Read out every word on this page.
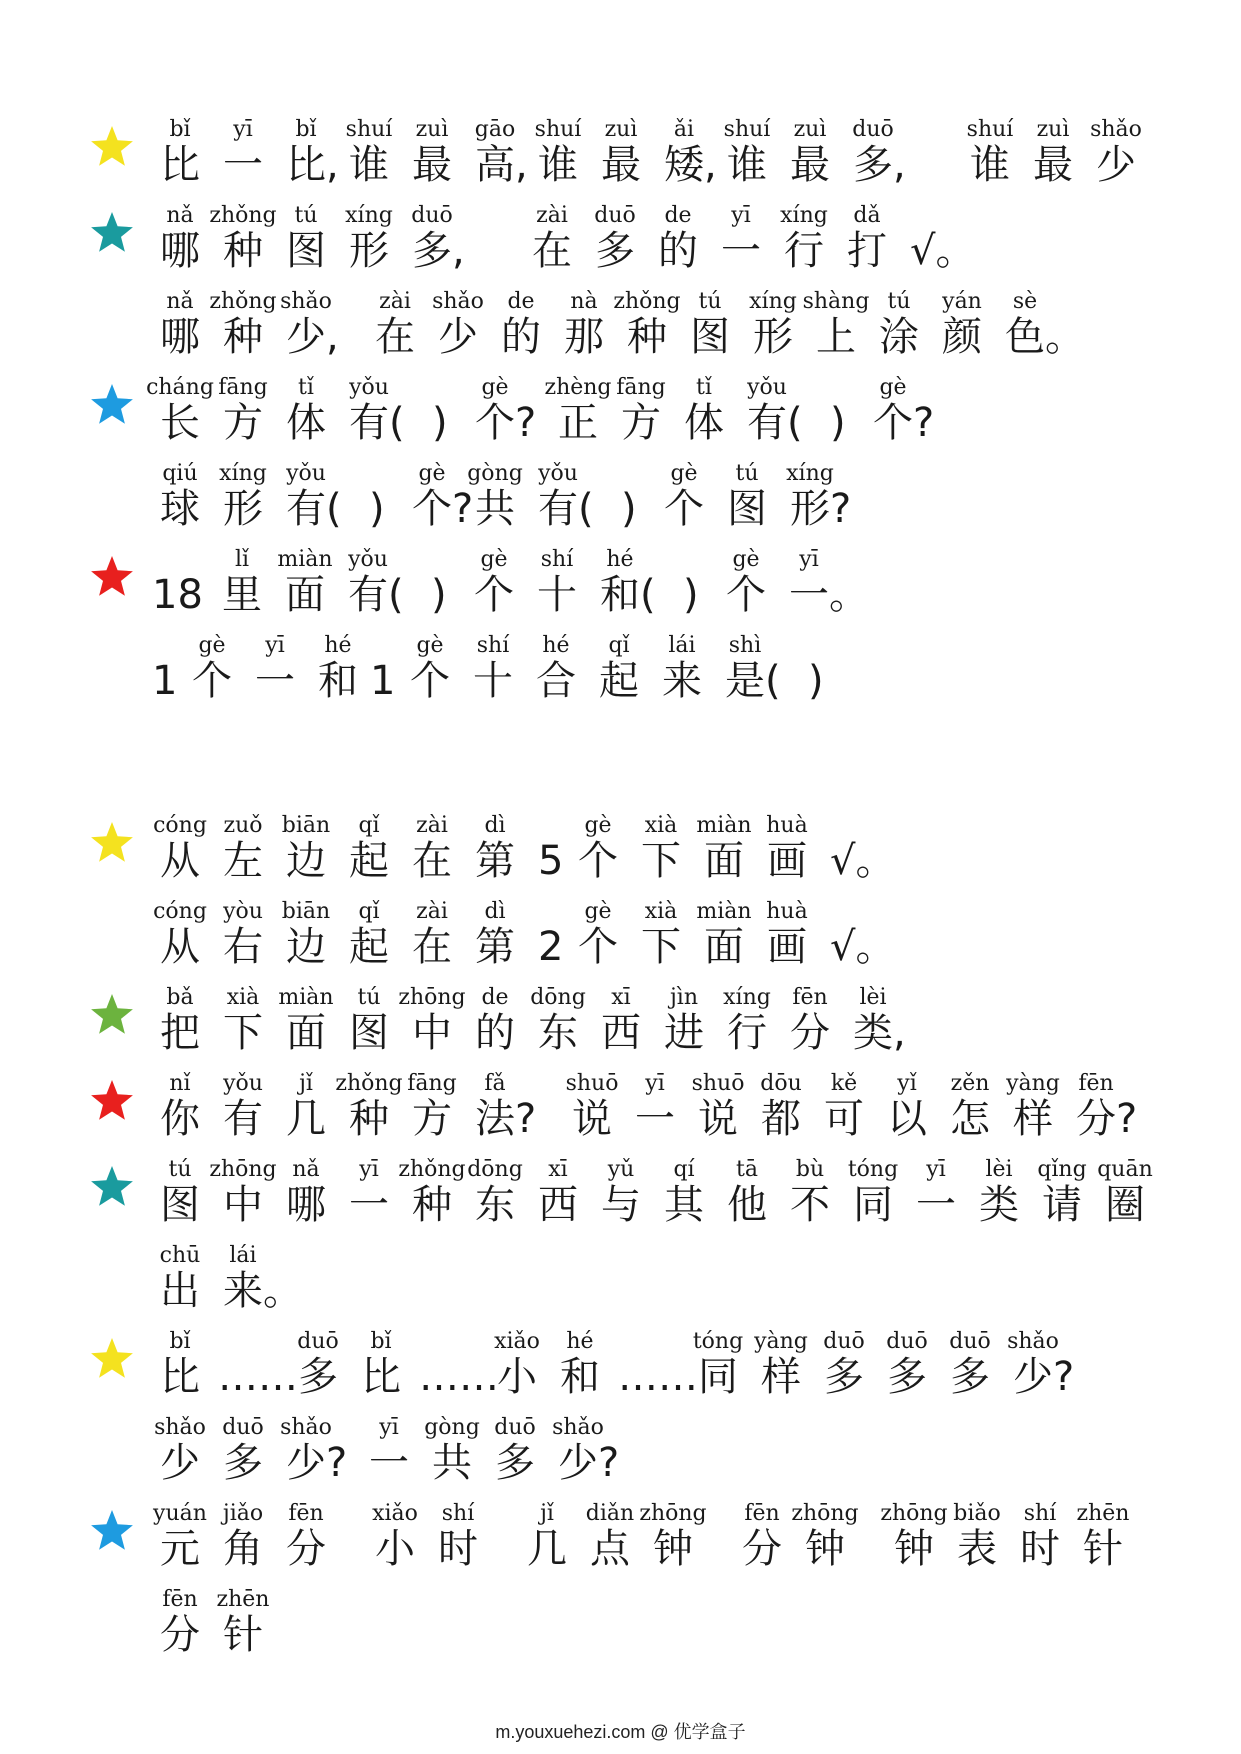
bǐ
比
yī
一
bǐ
比,
shuí
谁
zuì
最
gāo
高,
shuí
谁
zuì
最
ǎi
矮,
shuí
谁
zuì
最
duō
多,
shuí
谁
zuì
最
shǎo
少
nǎ
哪
zhǒng
种
tú
图
xíng
形
duō
多,
zài
在
duō
多
de
的
yī
一
xíng
行
dǎ
打 √。
nǎ
哪
zhǒng
种
shǎo
少,
zài
在
shǎo
少
de
的
nà
那
zhǒng
种
tú
图
xíng
形
shàng
上
tú
涂
yán
颜
sè
色。
cháng
长
fāng
方
tǐ
体
yǒu
有( )
gè
个?
zhèng
正
fāng
方
tǐ
体
yǒu
有( )
gè
个?
qiú
球
xíng
形
yǒu
有( )
gè
个?
gòng
共
yǒu
有( )
gè
个
tú
图
xíng
形?
18
lǐ
里
miàn
面
yǒu
有( )
gè
个
shí
十
hé
和( )
gè
个
yī
一。
1
gè
个
yī
一
hé
和 1
gè
个
shí
十
hé
合
qǐ
起
lái
来
shì
是( )
cóng
从
zuǒ
左
biān
边
qǐ
起
zài
在
dì
第 5
gè
个
xià
下
miàn
面
huà
画 √。
cóng
从
yòu
右
biān
边
qǐ
起
zài
在
dì
第 2
gè
个
xià
下
miàn
面
huà
画 √。
bǎ
把
xià
下
miàn
面
tú
图
zhōng
中
de
的
dōng
东
xī
西
jìn
进
xíng
行
fēn
分
lèi
类,
nǐ
你
yǒu
有
jǐ
几
zhǒng
种
fāng
方
fǎ
法?
shuō
说
yī
一
shuō
说
dōu
都
kě
可
yǐ
以
zěn
怎
yàng
样
fēn
分?
tú
图
zhōng
中
nǎ
哪
yī
一
zhǒng
种
dōng
东
xī
西
yǔ
与
qí
其
tā
他
bù
不
tóng
同
yī
一
lèi
类
qǐng
请
quān
圈
chū
出
lái
来。
bǐ
比 ……
duō
多
bǐ
比 ……
xiǎo
小
hé
和 ……
tóng
同
yàng
样
duō
多
duō
多
duō
多
shǎo
少?
shǎo
少
duō
多
shǎo
少?
yī
一
gòng
共
duō
多
shǎo
少?
yuán
元
jiǎo
角
fēn
分
xiǎo
小
shí
时
jǐ
几
diǎn
点
zhōng
钟
fēn
分
zhōng
钟
zhōng
钟
biǎo
表
shí
时
zhēn
针
fēn
分
zhēn
针
m.youxuehezi.com @ 优学盒子
